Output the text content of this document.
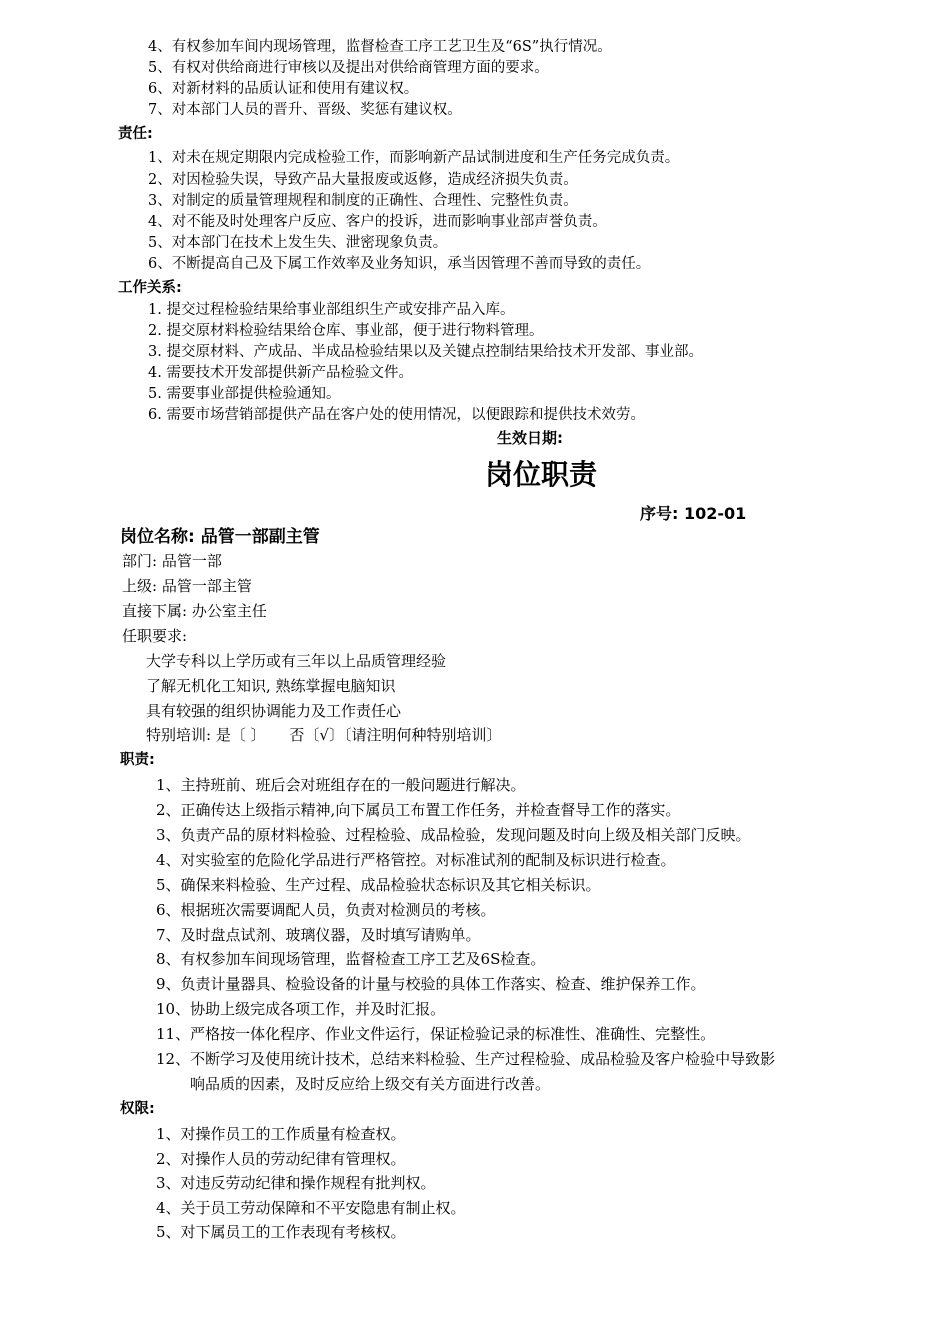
4、有权参加车间内现场管理，监督检查工序工艺卫生及“6S”执行情况。
5、有权对供给商进行审核以及提出对供给商管理方面的要求。
6、对新材料的品质认证和使用有建议权。
7、对本部门人员的晋升、晋级、奖惩有建议权。
责任:
1、对未在规定期限内完成检验工作，而影响新产品试制进度和生产任务完成负责。
2、对因检验失误，导致产品大量报废或返修，造成经济损失负责。
3、对制定的质量管理规程和制度的正确性、合理性、完整性负责。
4、对不能及时处理客户反应、客户的投诉，进而影响事业部声誉负责。
5、对本部门在技术上发生失、泄密现象负责。
6、不断提高自己及下属工作效率及业务知识，承当因管理不善而导致的责任。
工作关系:
1. 提交过程检验结果给事业部组织生产或安排产品入库。
2. 提交原材料检验结果给仓库、事业部，便于进行物料管理。
3. 提交原材料、产成品、半成品检验结果以及关键点控制结果给技术开发部、事业部。
4. 需要技术开发部提供新产品检验文件。
5. 需要事业部提供检验通知。
6. 需要市场营销部提供产品在客户处的使用情况，以便跟踪和提供技术效劳。
生效日期:
岗位职责
序号: 102-01
岗位名称: 品管一部副主管
部门: 品管一部
上级: 品管一部主管
直接下属: 办公室主任
任职要求:
大学专科以上学历或有三年以上品质管理经验
了解无机化工知识, 熟练掌握电脑知识
具有较强的组织协调能力及工作责任心
特别培训: 是〔 〕     否〔√〕〔请注明何种特别培训〕
职责:
1、主持班前、班后会对班组存在的一般问题进行解决。
2、正确传达上级指示精神,向下属员工布置工作任务，并检查督导工作的落实。
3、负责产品的原材料检验、过程检验、成品检验，发现问题及时向上级及相关部门反映。
4、对实验室的危险化学品进行严格管控。对标准试剂的配制及标识进行检查。
5、确保来料检验、生产过程、成品检验状态标识及其它相关标识。
6、根据班次需要调配人员，负责对检测员的考核。
7、及时盘点试剂、玻璃仪器，及时填写请购单。
8、有权参加车间现场管理，监督检查工序工艺及6S检查。
9、负责计量器具、检验设备的计量与校验的具体工作落实、检查、维护保养工作。
10、协助上级完成各项工作，并及时汇报。
11、严格按一体化程序、作业文件运行，保证检验记录的标准性、准确性、完整性。
12、不断学习及使用统计技术，总结来料检验、生产过程检验、成品检验及客户检验中导致影
响品质的因素，及时反应给上级交有关方面进行改善。
权限:
1、对操作员工的工作质量有检查权。
2、对操作人员的劳动纪律有管理权。
3、对违反劳动纪律和操作规程有批判权。
4、关于员工劳动保障和不平安隐患有制止权。
5、对下属员工的工作表现有考核权。
